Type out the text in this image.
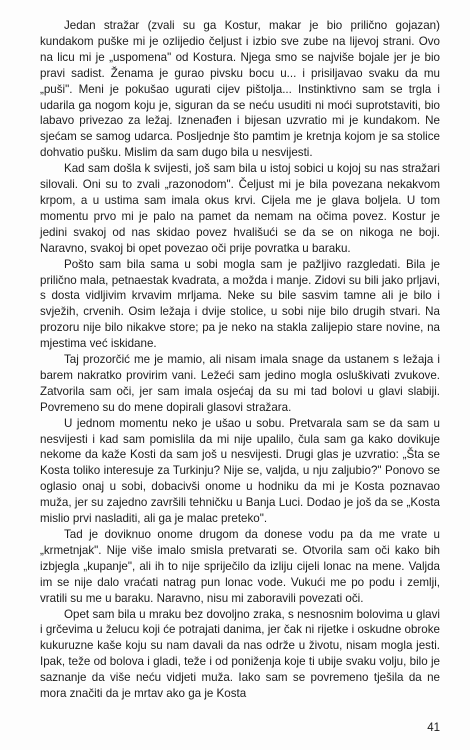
Jedan stražar (zvali su ga Kostur, makar je bio prilično gojazan) kundakom puške mi je ozlijedio čeljust i izbio sve zube na lijevoj strani. Ovo na licu mi je „uspomena" od Kostura. Njega smo se najviše bojale jer je bio pravi sadist. Ženama je gurao pivsku bocu u... i prisiljavao svaku da mu „puši". Meni je pokušao ugurati cijev pištolja... Instinktivno sam se trgla i udarila ga nogom koju je, siguran da se neću usuditi ni moći suprotstaviti, bio labavo privezao za ležaj. Iznenađen i bijesan uzvratio mi je kundakom. Ne sjećam se samog udarca. Posljednje što pamtim je kretnja kojom je sa stolice dohvatio pušku. Mislim da sam dugo bila u nesvijesti.

Kad sam došla k svijesti, još sam bila u istoj sobici u kojoj su nas stražari silovali. Oni su to zvali „razonodom". Čeljust mi je bila povezana nekakvom krpom, a u ustima sam imala okus krvi. Cijela me je glava boljela. U tom momentu prvo mi je palo na pamet da nemam na očima povez. Kostur je jedini svakoj od nas skidao povez hvališući se da se on nikoga ne boji. Naravno, svakoj bi opet povezao oči prije povratka u baraku.

Pošto sam bila sama u sobi mogla sam je pažljivo razgledati. Bila je prilično mala, petnaestak kvadrata, a možda i manje. Zidovi su bili jako prljavi, s dosta vidljivim krvavim mrljama. Neke su bile sasvim tamne ali je bilo i svježih, crvenih. Osim ležaja i dvije stolice, u sobi nije bilo drugih stvari. Na prozoru nije bilo nikakve store; pa je neko na stakla zalijepio stare novine, na mjestima već iskidane.

Taj prozorčić me je mamio, ali nisam imala snage da ustanem s ležaja i barem nakratko provirim vani. Ležeći sam jedino mogla osluškivati zvukove. Zatvorila sam oči, jer sam imala osjećaj da su mi tad bolovi u glavi slabiji. Povremeno su do mene dopirali glasovi stražara.

U jednom momentu neko je ušao u sobu. Pretvarala sam se da sam u nesvijesti i kad sam pomislila da mi nije upalilo, čula sam ga kako dovikuje nekome da kaže Kosti da sam još u nesvijesti. Drugi glas je uzvratio: „Šta se Kosta toliko interesuje za Turkinju? Nije se, valjda, u nju zaljubio?" Ponovo se oglasio onaj u sobi, dobacivši onome u hodniku da mi je Kosta poznavao muža, jer su zajedno završili tehničku u Banja Luci. Dodao je još da se „Kosta mislio prvi nasladiti, ali ga je malac preteko".

Tad je doviknuo onome drugom da donese vodu pa da me vrate u „krmetnjak". Nije više imalo smisla pretvarati se. Otvorila sam oči kako bih izbjegla „kupanje", ali ih to nije spriječilo da izliju cijeli lonac na mene. Valjda im se nije dalo vraćati natrag pun lonac vode. Vukući me po podu i zemlji, vratili su me u baraku. Naravno, nisu mi zaboravili povezati oči.

Opet sam bila u mraku bez dovoljno zraka, s nesnosnim bolovima u glavi i grčevima u želucu koji će potrajati danima, jer čak ni rijetke i oskudne obroke kukuruzne kaše koju su nam davali da nas održe u životu, nisam mogla jesti. Ipak, teže od bolova i gladi, teže i od poniženja koje ti ubije svaku volju, bilo je saznanje da više neću vidjeti muža. Iako sam se povremeno tješila da ne mora značiti da je mrtav ako ga je Kosta

41
